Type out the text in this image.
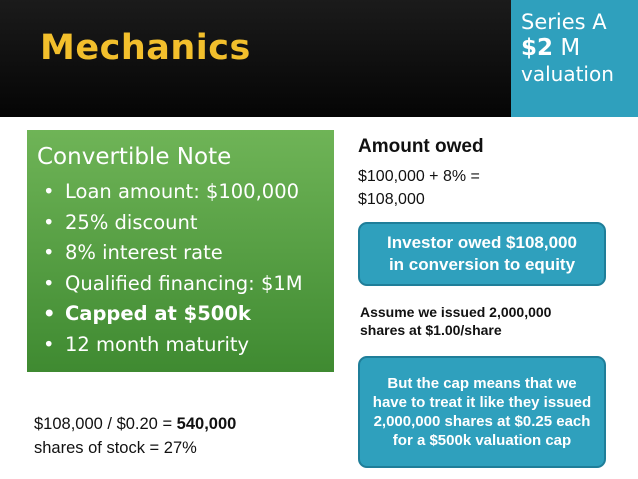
Mechanics
Series A
$2 M
valuation
Convertible Note
• Loan amount: $100,000
• 25% discount
• 8% interest rate
• Qualified financing: $1M
• Capped at $500k
• 12 month maturity
$108,000 / $0.20 = 540,000
shares of stock = 27%
Amount owed
$100,000 + 8% =
$108,000
Investor owed $108,000
in conversion to equity
Assume we issued 2,000,000
shares at $1.00/share
But the cap means that we have to treat it like they issued 2,000,000 shares at $0.25 each for a $500k valuation cap
